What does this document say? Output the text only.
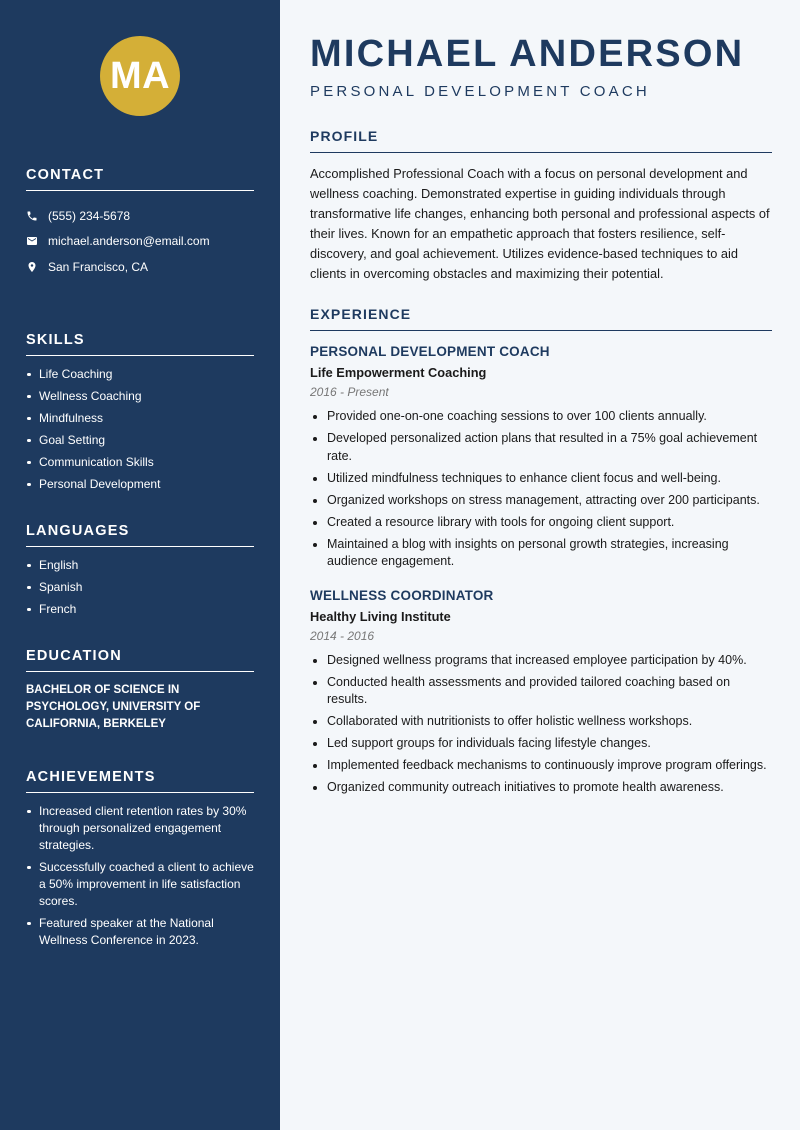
MA
CONTACT
(555) 234-5678
michael.anderson@email.com
San Francisco, CA
SKILLS
Life Coaching
Wellness Coaching
Mindfulness
Goal Setting
Communication Skills
Personal Development
LANGUAGES
English
Spanish
French
EDUCATION
BACHELOR OF SCIENCE IN PSYCHOLOGY, UNIVERSITY OF CALIFORNIA, BERKELEY
ACHIEVEMENTS
Increased client retention rates by 30% through personalized engagement strategies.
Successfully coached a client to achieve a 50% improvement in life satisfaction scores.
Featured speaker at the National Wellness Conference in 2023.
MICHAEL ANDERSON
PERSONAL DEVELOPMENT COACH
PROFILE

Accomplished Professional Coach with a focus on personal development and wellness coaching. Demonstrated expertise in guiding individuals through transformative life changes, enhancing both personal and professional aspects of their lives. Known for an empathetic approach that fosters resilience, self-discovery, and goal achievement. Utilizes evidence-based techniques to aid clients in overcoming obstacles and maximizing their potential.

EXPERIENCE
PERSONAL DEVELOPMENT COACH
Life Empowerment Coaching
2016 - Present
Provided one-on-one coaching sessions to over 100 clients annually.
Developed personalized action plans that resulted in a 75% goal achievement rate.
Utilized mindfulness techniques to enhance client focus and well-being.
Organized workshops on stress management, attracting over 200 participants.
Created a resource library with tools for ongoing client support.
Maintained a blog with insights on personal growth strategies, increasing audience engagement.
WELLNESS COORDINATOR
Healthy Living Institute
2014 - 2016
Designed wellness programs that increased employee participation by 40%.
Conducted health assessments and provided tailored coaching based on results.
Collaborated with nutritionists to offer holistic wellness workshops.
Led support groups for individuals facing lifestyle changes.
Implemented feedback mechanisms to continuously improve program offerings.
Organized community outreach initiatives to promote health awareness.
